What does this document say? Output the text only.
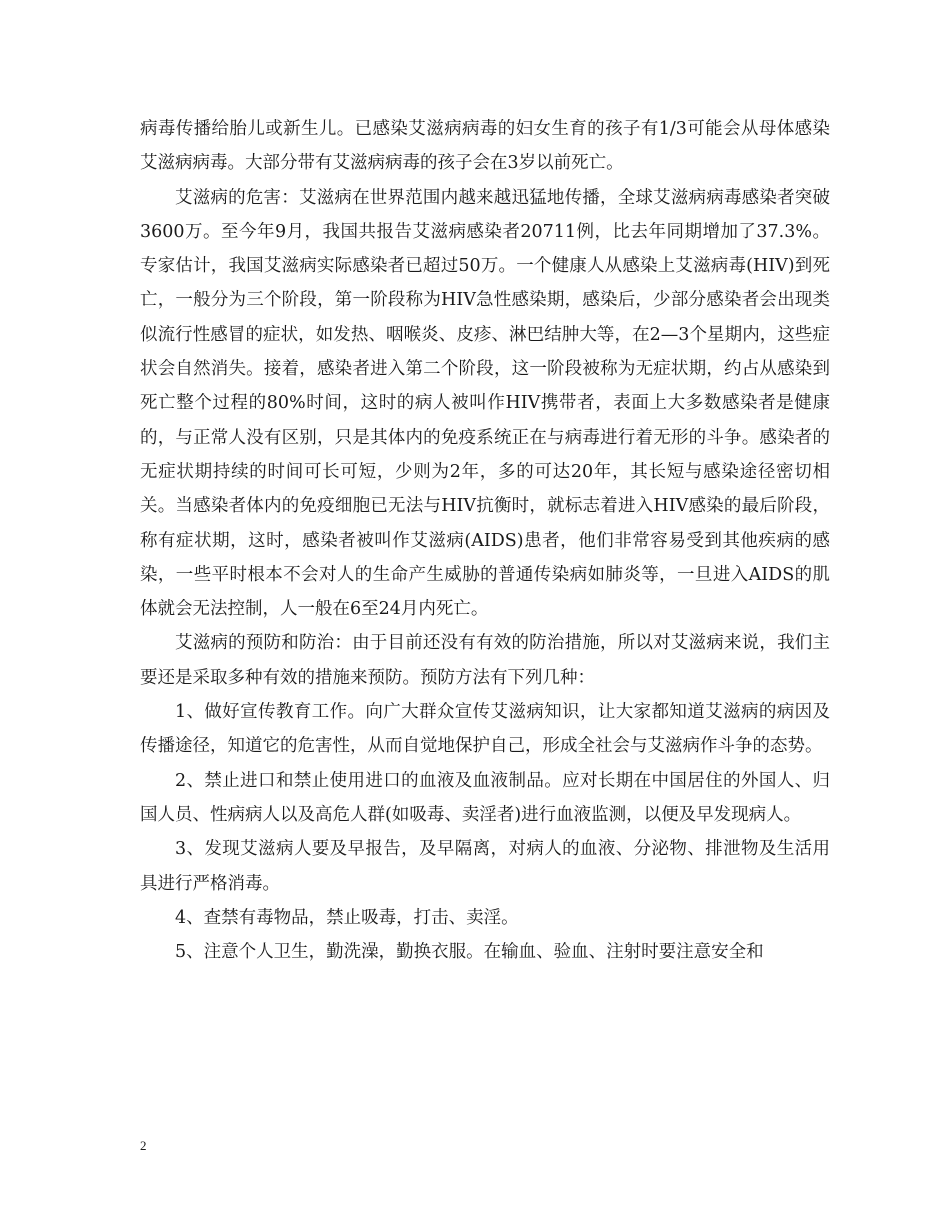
病毒传播给胎儿或新生儿。已感染艾滋病病毒的妇女生育的孩子有1/3可能会从母体感染艾滋病病毒。大部分带有艾滋病病毒的孩子会在3岁以前死亡。

艾滋病的危害：艾滋病在世界范围内越来越迅猛地传播，全球艾滋病病毒感染者突破3600万。至今年9月，我国共报告艾滋病感染者20711例，比去年同期增加了37.3%。专家估计，我国艾滋病实际感染者已超过50万。一个健康人从感染上艾滋病毒(HIV)到死亡，一般分为三个阶段，第一阶段称为HIV急性感染期，感染后，少部分感染者会出现类似流行性感冒的症状，如发热、咽喉炎、皮疹、淋巴结肿大等，在2—3个星期内，这些症状会自然消失。接着，感染者进入第二个阶段，这一阶段被称为无症状期，约占从感染到死亡整个过程的80%时间，这时的病人被叫作HIV携带者，表面上大多数感染者是健康的，与正常人没有区别，只是其体内的免疫系统正在与病毒进行着无形的斗争。感染者的无症状期持续的时间可长可短，少则为2年，多的可达20年，其长短与感染途径密切相关。当感染者体内的免疫细胞已无法与HIV抗衡时，就标志着进入HIV感染的最后阶段，称有症状期，这时，感染者被叫作艾滋病(AIDS)患者，他们非常容易受到其他疾病的感染，一些平时根本不会对人的生命产生威胁的普通传染病如肺炎等，一旦进入AIDS的肌体就会无法控制，人一般在6至24月内死亡。

艾滋病的预防和防治：由于目前还没有有效的防治措施，所以对艾滋病来说，我们主要还是采取多种有效的措施来预防。预防方法有下列几种：

1、做好宣传教育工作。向广大群众宣传艾滋病知识，让大家都知道艾滋病的病因及传播途径，知道它的危害性，从而自觉地保护自己，形成全社会与艾滋病作斗争的态势。

2、禁止进口和禁止使用进口的血液及血液制品。应对长期在中国居住的外国人、归国人员、性病病人以及高危人群(如吸毒、卖淫者)进行血液监测，以便及早发现病人。

3、发现艾滋病人要及早报告，及早隔离，对病人的血液、分泌物、排泄物及生活用具进行严格消毒。

4、查禁有毒物品，禁止吸毒，打击、卖淫。

5、注意个人卫生，勤洗澡，勤换衣服。在输血、验血、注射时要注意安全和

2
